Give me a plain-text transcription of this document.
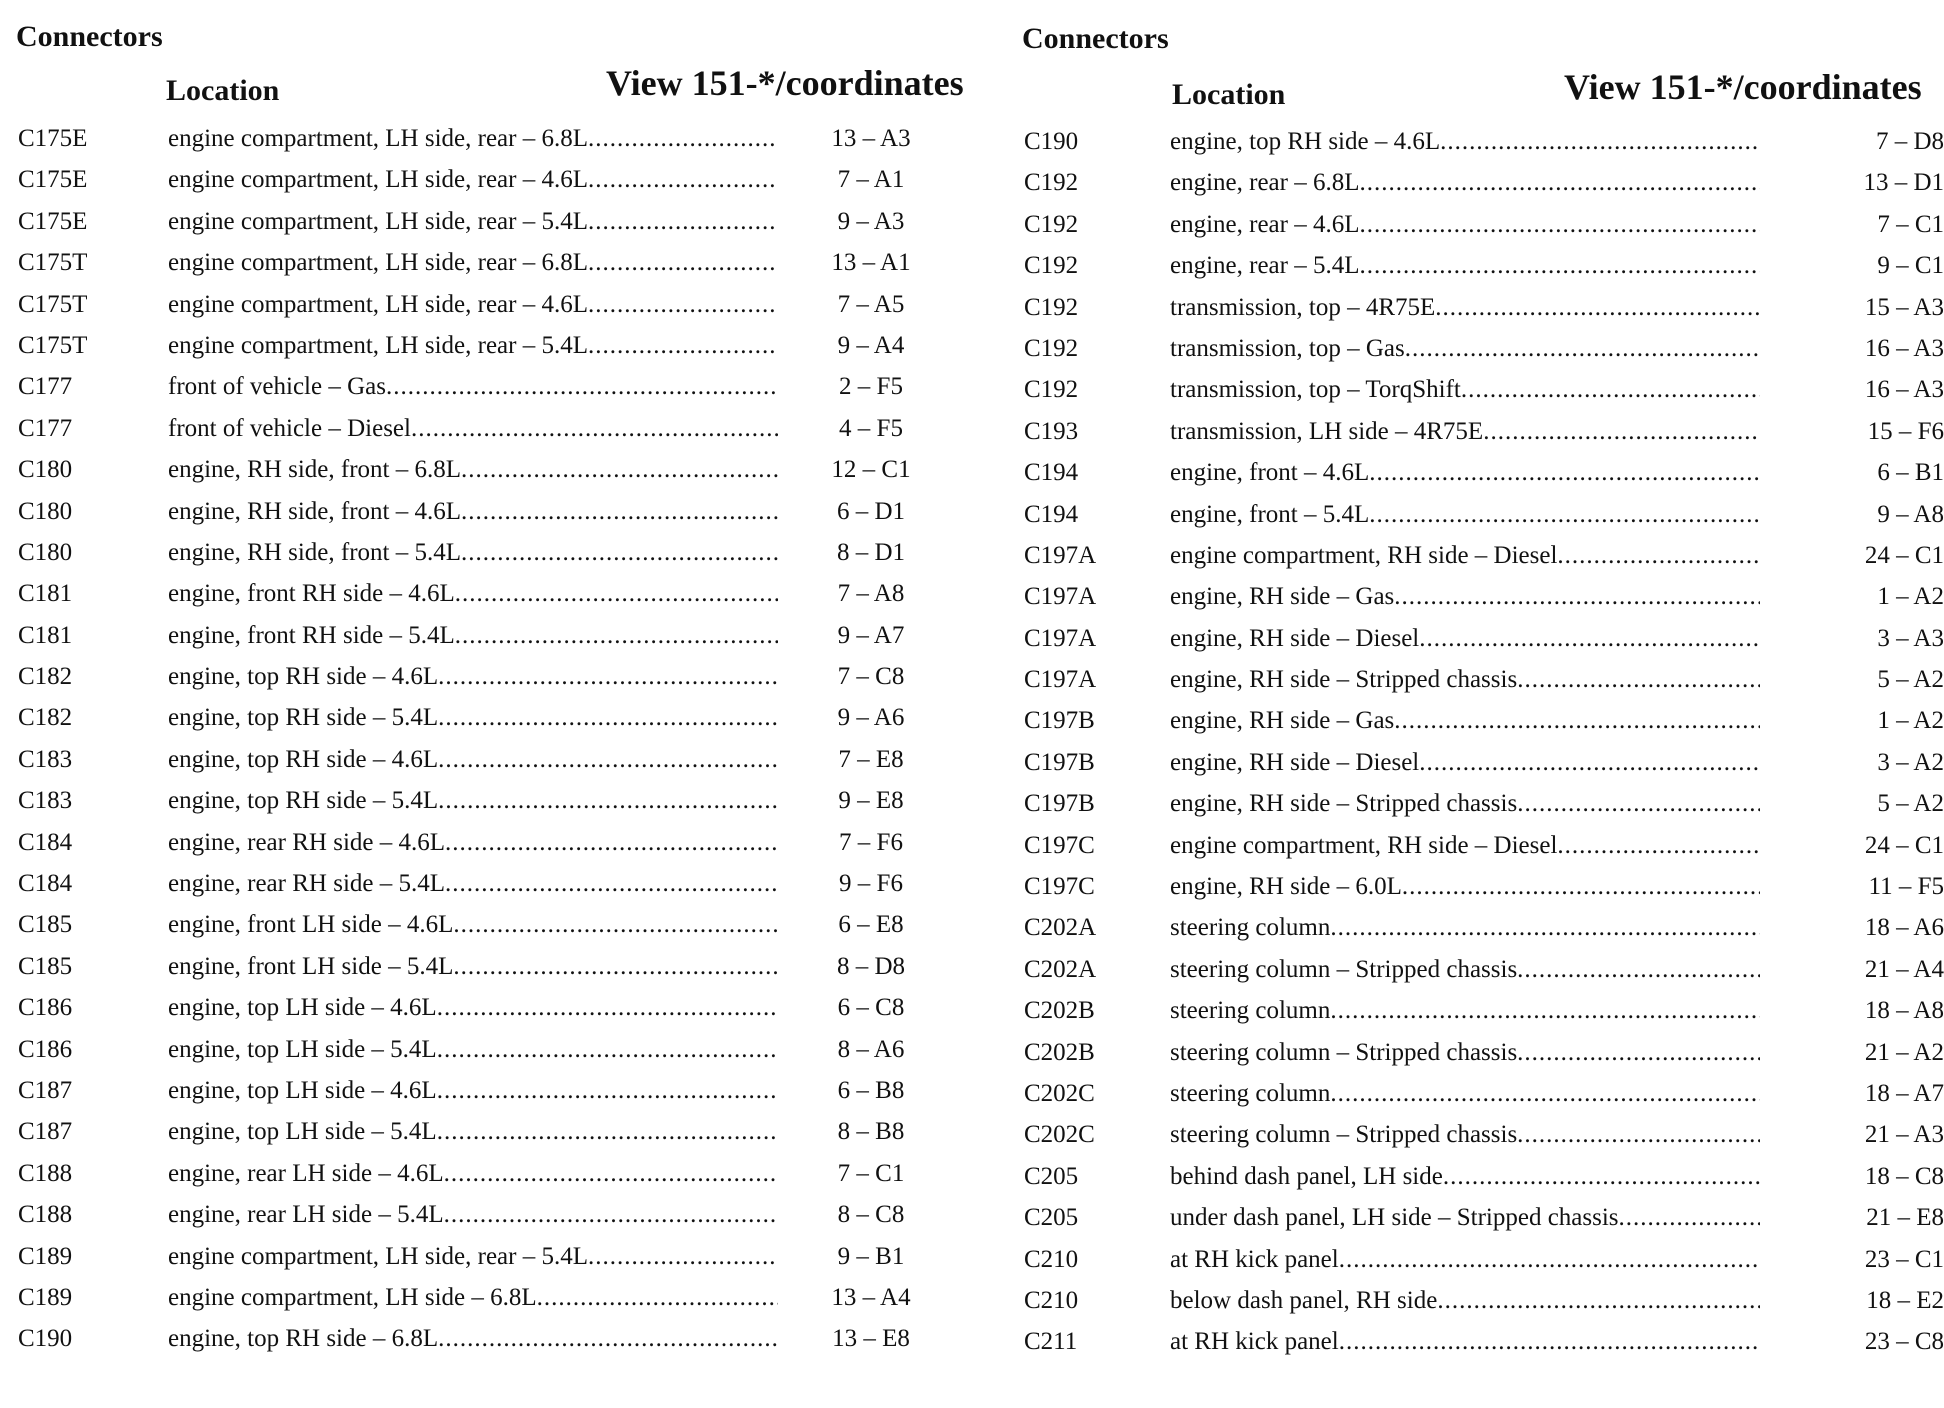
Connectors
Location	View 151-*/coordinates
C175E	engine compartment, LH side, rear – 6.8L .....	13 – A3
C175E	engine compartment, LH side, rear – 4.6L .....	7 – A1
C175E	engine compartment, LH side, rear – 5.4L .....	9 – A3
C175T	engine compartment, LH side, rear – 6.8L .....	13 – A1
C175T	engine compartment, LH side, rear – 4.6L .....	7 – A5
C175T	engine compartment, LH side, rear – 5.4L .....	9 – A4
C177	front of vehicle – Gas .....	2 – F5
C177	front of vehicle – Diesel .....	4 – F5
C180	engine, RH side, front – 6.8L .....	12 – C1
C180	engine, RH side, front – 4.6L .....	6 – D1
C180	engine, RH side, front – 5.4L .....	8 – D1
C181	engine, front RH side – 4.6L .....	7 – A8
C181	engine, front RH side – 5.4L .....	9 – A7
C182	engine, top RH side – 4.6L .....	7 – C8
C182	engine, top RH side – 5.4L .....	9 – A6
C183	engine, top RH side – 4.6L .....	7 – E8
C183	engine, top RH side – 5.4L .....	9 – E8
C184	engine, rear RH side – 4.6L .....	7 – F6
C184	engine, rear RH side – 5.4L .....	9 – F6
C185	engine, front LH side – 4.6L .....	6 – E8
C185	engine, front LH side – 5.4L .....	8 – D8
C186	engine, top LH side – 4.6L .....	6 – C8
C186	engine, top LH side – 5.4L .....	8 – A6
C187	engine, top LH side – 4.6L .....	6 – B8
C187	engine, top LH side – 5.4L .....	8 – B8
C188	engine, rear LH side – 4.6L .....	7 – C1
C188	engine, rear LH side – 5.4L .....	8 – C8
C189	engine compartment, LH side, rear – 5.4L .....	9 – B1
C189	engine compartment, LH side – 6.8L .....	13 – A4
C190	engine, top RH side – 6.8L .....	13 – E8
Connectors
Location	View 151-*/coordinates
C190	engine, top RH side – 4.6L .....	7 – D8
C192	engine, rear – 6.8L .....	13 – D1
C192	engine, rear – 4.6L .....	7 – C1
C192	engine, rear – 5.4L .....	9 – C1
C192	transmission, top – 4R75E .....	15 – A3
C192	transmission, top – Gas .....	16 – A3
C192	transmission, top – TorqShift .....	16 – A3
C193	transmission, LH side – 4R75E .....	15 – F6
C194	engine, front – 4.6L .....	6 – B1
C194	engine, front – 5.4L .....	9 – A8
C197A	engine compartment, RH side – Diesel .....	24 – C1
C197A	engine, RH side – Gas .....	1 – A2
C197A	engine, RH side – Diesel .....	3 – A3
C197A	engine, RH side – Stripped chassis .....	5 – A2
C197B	engine, RH side – Gas .....	1 – A2
C197B	engine, RH side – Diesel .....	3 – A2
C197B	engine, RH side – Stripped chassis .....	5 – A2
C197C	engine compartment, RH side – Diesel .....	24 – C1
C197C	engine, RH side – 6.0L .....	11 – F5
C202A	steering column .....	18 – A6
C202A	steering column – Stripped chassis .....	21 – A4
C202B	steering column .....	18 – A8
C202B	steering column – Stripped chassis .....	21 – A2
C202C	steering column .....	18 – A7
C202C	steering column – Stripped chassis .....	21 – A3
C205	behind dash panel, LH side .....	18 – C8
C205	under dash panel, LH side – Stripped chassis .....	21 – E8
C210	at RH kick panel .....	23 – C1
C210	below dash panel, RH side .....	18 – E2
C211	at RH kick panel .....	23 – C8
